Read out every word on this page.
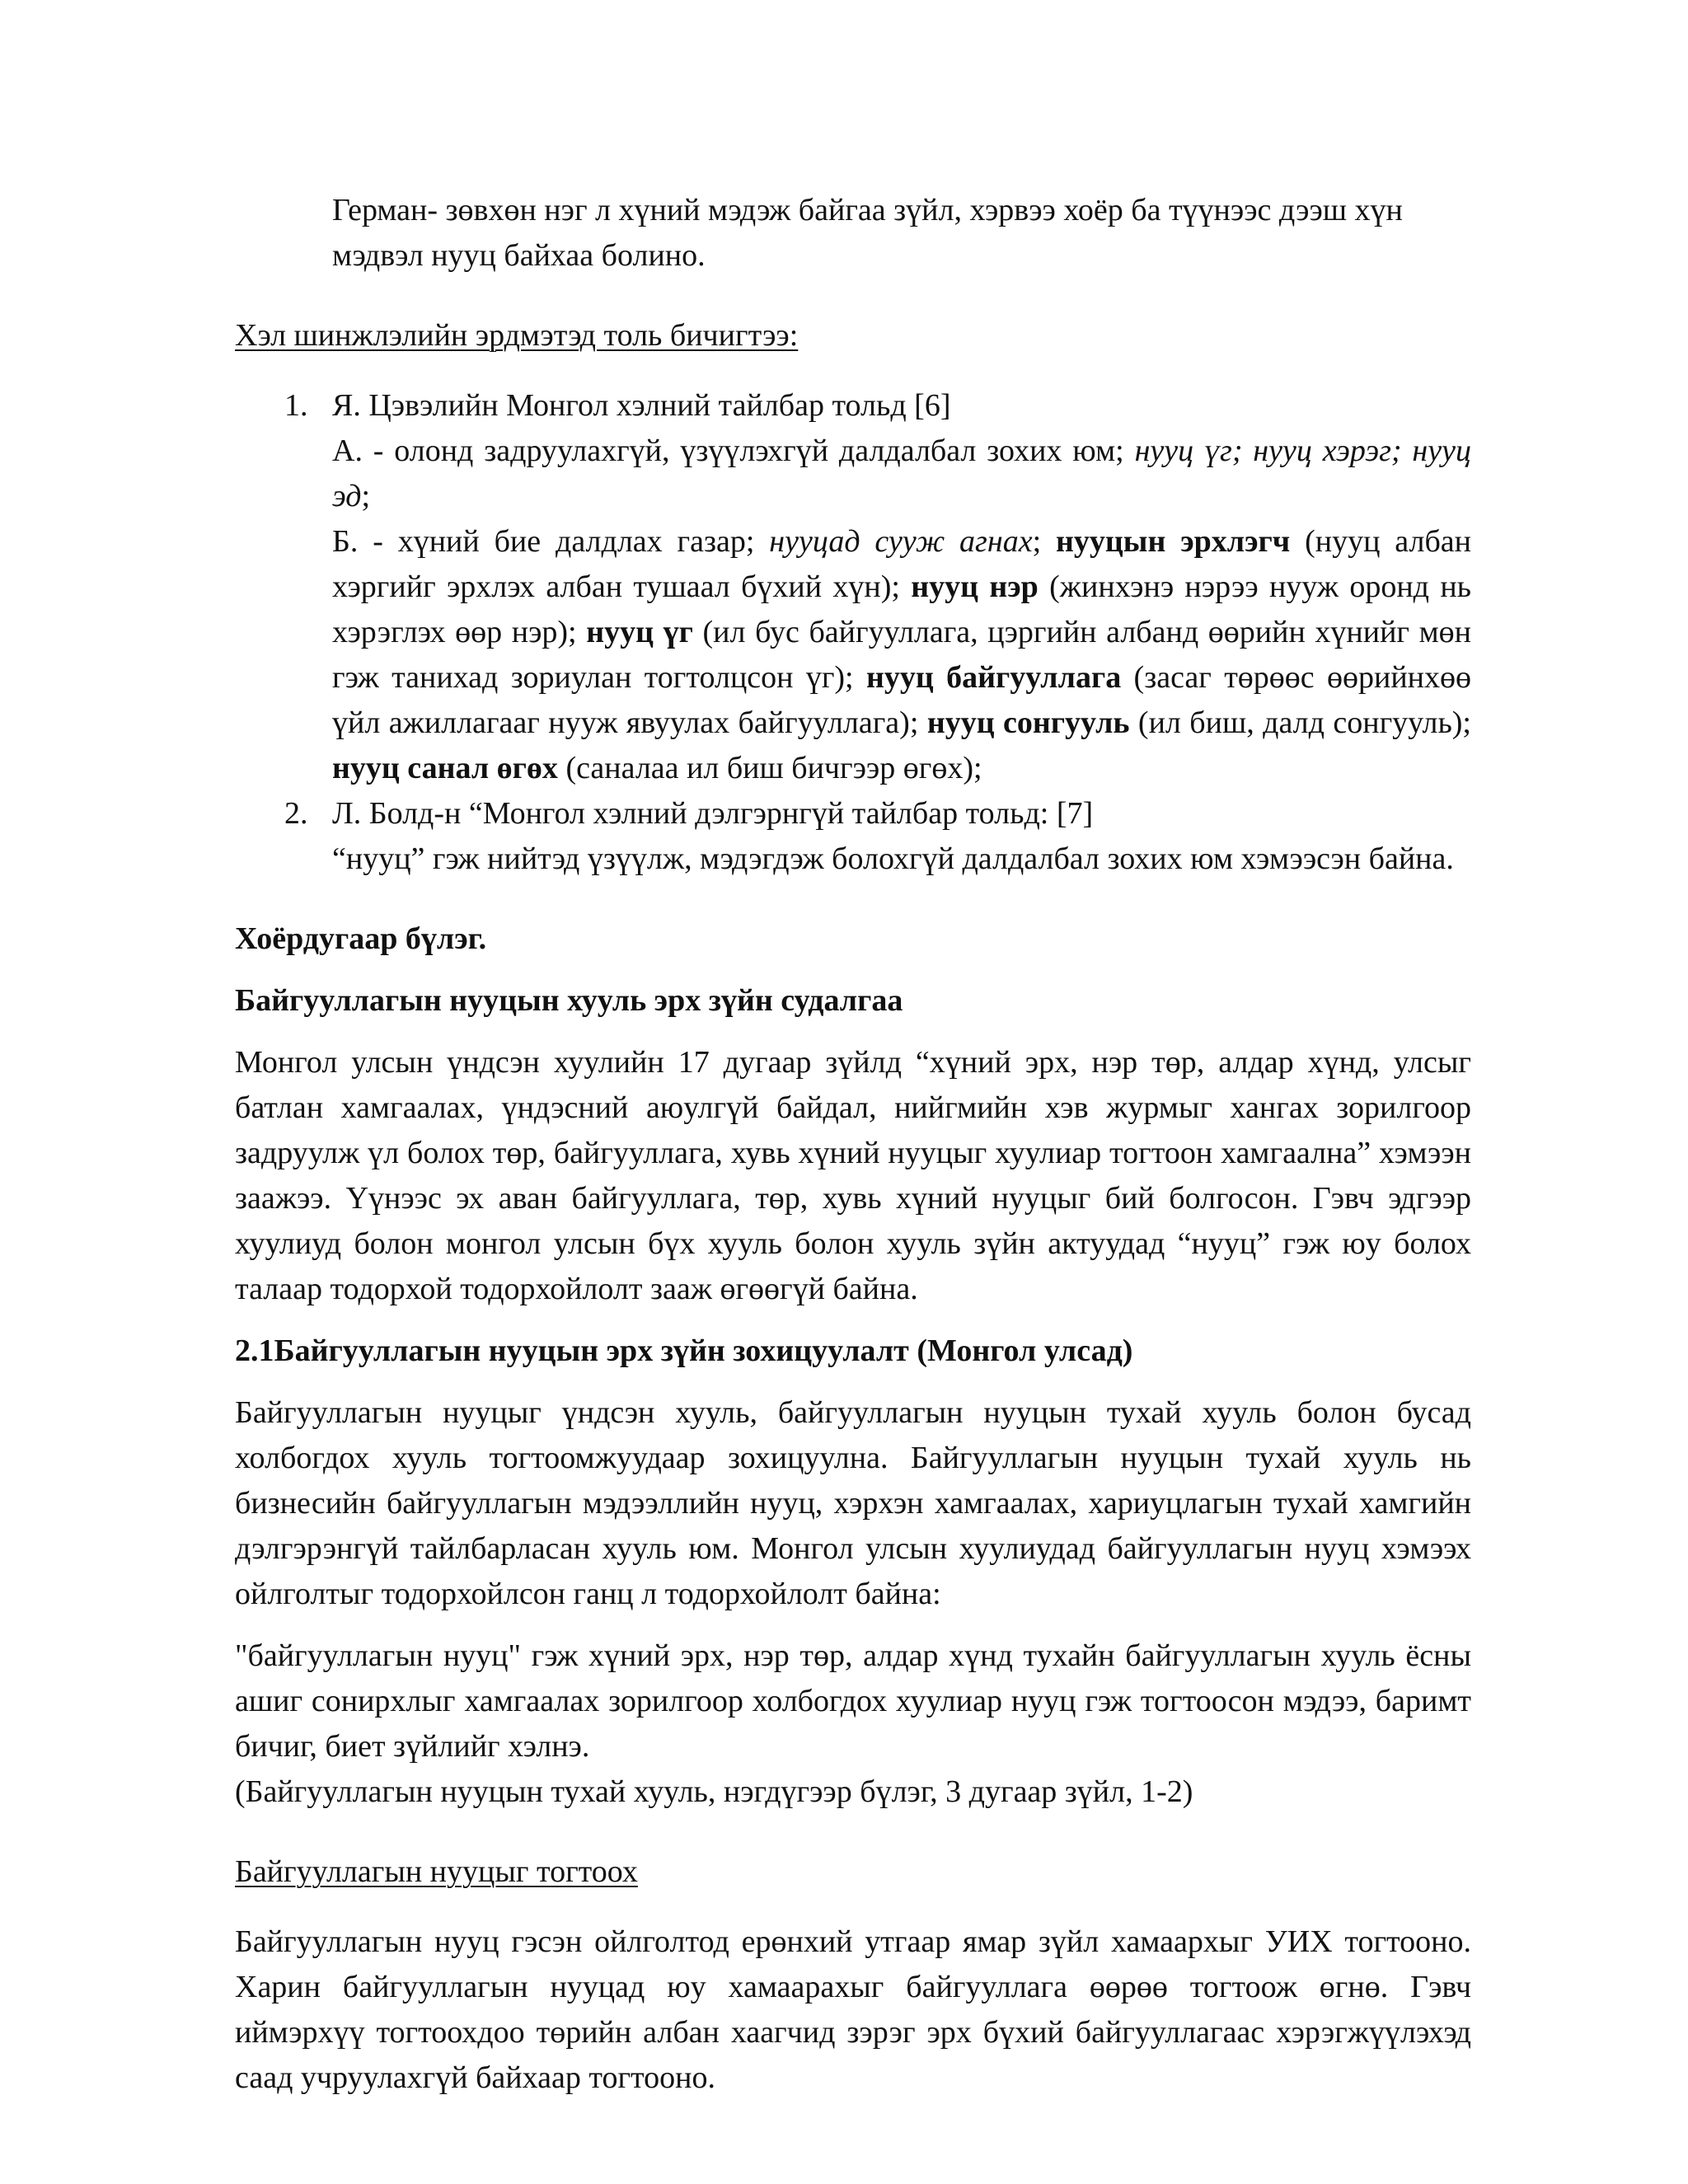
Герман- зөвхөн нэг л хүний мэдэж байгаа зүйл, хэрвээ хоёр ба түүнээс дээш хүн

мэдвэл нууц байхаа болино.

Хэл шинжлэлийн эрдмэтэд толь бичигтээ:

1. Я. Цэвэлийн Монгол хэлний тайлбар тольд [6]

А. - олонд задруулахгүй, үзүүлэхгүй далдалбал зохих юм; нууц үг; нууц хэрэг; нууц эд;

Б. - хүний бие далдлах газар; нууцад сууж агнах; нууцын эрхлэгч (нууц албан хэргийг эрхлэх албан тушаал бүхий хүн); нууц нэр (жинхэнэ нэрээ нууж оронд нь хэрэглэх өөр нэр); нууц үг (ил бус байгууллага, цэргийн албанд өөрийн хүнийг мөн гэж танихад зориулан тогтолцсон үг); нууц байгууллага (засаг төрөөс өөрийнхөө үйл ажиллагааг нууж явуулах байгууллага); нууц сонгууль (ил биш, далд сонгууль); нууц санал өгөх (саналаа ил биш бичгээр өгөх);

2. Л. Болд-н “Монгол хэлний дэлгэрнгүй тайлбар тольд: [7]

“нууц” гэж нийтэд үзүүлж, мэдэгдэж болохгүй далдалбал зохих юм хэмээсэн байна.

Хоёрдугаар бүлэг.

Байгууллагын нууцын хууль эрх зүйн судалгаа

Монгол улсын үндсэн хуулийн 17 дугаар зүйлд “хүний эрх, нэр төр, алдар хүнд, улсыг батлан хамгаалах, үндэсний аюулгүй байдал, нийгмийн хэв журмыг хангах зорилгоор задруулж үл болох төр, байгууллага, хувь хүний нууцыг хуулиар тогтоон хамгаална” хэмээн заажээ. Үүнээс эх аван байгууллага, төр, хувь хүний нууцыг бий болгосон. Гэвч эдгээр хуулиуд болон монгол улсын бүх хууль болон хууль зүйн актуудад “нууц” гэж юу болох талаар тодорхой тодорхойлолт зааж өгөөгүй байна.

2.1Байгууллагын нууцын эрх зүйн зохицуулалт (Монгол улсад)

Байгууллагын нууцыг үндсэн хууль, байгууллагын нууцын тухай хууль болон бусад холбогдох хууль тогтоомжуудаар зохицуулна. Байгууллагын нууцын тухай хууль нь бизнесийн байгууллагын мэдээллийн нууц, хэрхэн хамгаалах, хариуцлагын тухай хамгийн дэлгэрэнгүй тайлбарласан хууль юм. Монгол улсын хуулиудад байгууллагын нууц хэмээх ойлголтыг тодорхойлсон ганц л тодорхойлолт байна:

"байгууллагын нууц" гэж хүний эрх, нэр төр, алдар хүнд тухайн байгууллагын хууль ёсны ашиг сонирхлыг хамгаалах зорилгоор холбогдох хуулиар нууц гэж тогтоосон мэдээ, баримт бичиг, биет зүйлийг хэлнэ.

(Байгууллагын нууцын тухай хууль, нэгдүгээр бүлэг, 3 дугаар зүйл, 1-2)

Байгууллагын нууцыг тогтоох

Байгууллагын нууц гэсэн ойлголтод ерөнхий утгаар ямар зүйл хамаархыг УИХ тогтооно. Харин байгууллагын нууцад юу хамаарахыг байгууллага өөрөө тогтоож өгнө. Гэвч иймэрхүү тогтоохдоо төрийн албан хаагчид зэрэг эрх бүхий байгууллагаас хэрэгжүүлэхэд саад учруулахгүй байхаар тогтооно.
